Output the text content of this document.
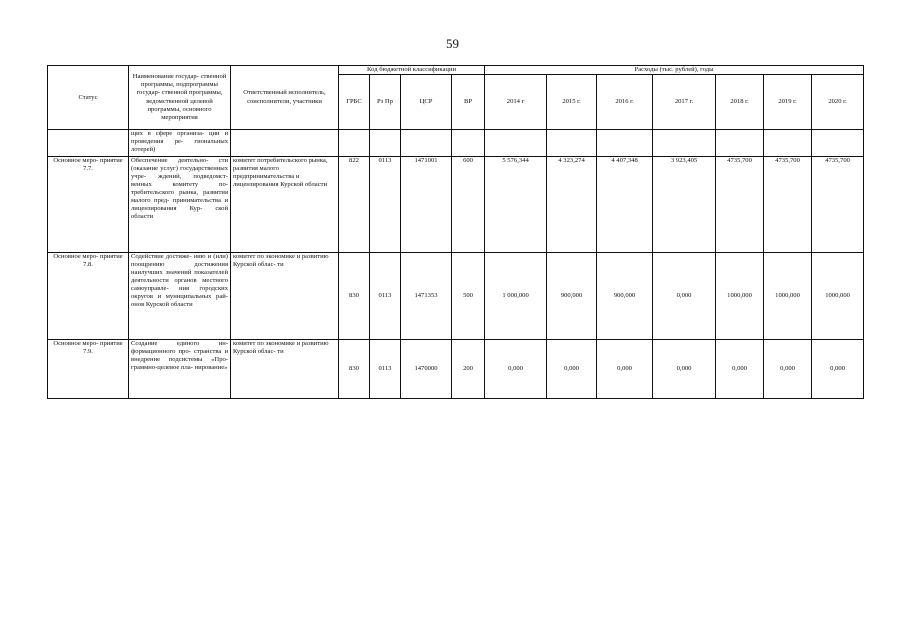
59
Статус	Наименование государ- ственной программы, подпрограммы государ- ственной программы, ведомственной целевой программы, основного мероприятия	Ответственный исполнитель, соисполнители, участники	Код бюджетной классификации				Расходы (тыс. рублей), годы						
			ГРБС	Рз Пр	ЦСР	ВР	2014 г	2015 г.	2016 г.	2017 г.	2018 г.	2019 г.	2020 г.
	щих в сфере организа- ции и проведения ре- гиональных лотерей)												
Основное меро- приятие 7.7.	Обеспечение деятельно- сти (оказание услуг) государственных учре- ждений, подведомст- венных комитету по- требительского рынка, развития малого пред- принимательства и лицензирования Кур- ской области	комитет потребительского рынка, развития малого предпринимательства и лицензирования Курской области	822	0113	1471001	600	5 576,344	4 323,274	4 407,348	3 923,405	4735,700	4735,700	4735,700
Основное меро- приятие 7.8.	Содействие достиже- нию и (или) поощрению достижения наилучших значений показателей деятельности органов местного самоуправле- ния городских округов и муниципальных рай- онов Курской области	комитет по экономике и развитию Курской облас- ти	830	0113	1471353	500	1 000,000	900,000	900,000	0,000	1000,000	1000,000	1000,000
Основное меро- приятие 7.9.	Создание единого ин- формационного про- странства и внедрение подсистемы «Про- граммно-целевое пла- нирование»	комитет по экономике и развитию Курской облас- ти	830	0113	1470000	200	0,000	0,000	0,000	0,000	0,000	0,000	0,000
